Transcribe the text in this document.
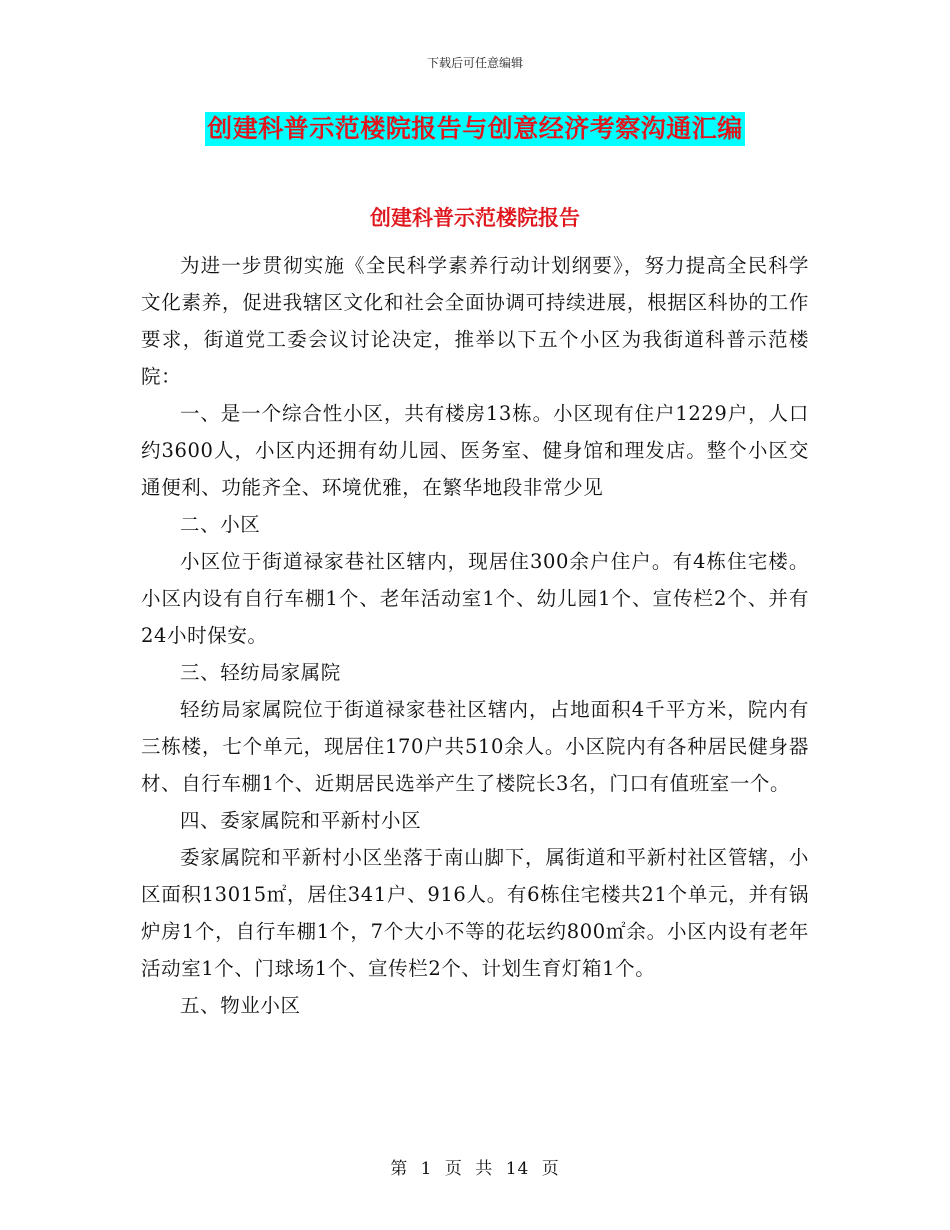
下载后可任意编辑
创建科普示范楼院报告与创意经济考察沟通汇编
创建科普示范楼院报告

为进一步贯彻实施《全民科学素养行动计划纲要》，努力提高全民科学文化素养，促进我辖区文化和社会全面协调可持续进展，根据区科协的工作要求，街道党工委会议讨论决定，推举以下五个小区为我街道科普示范楼院：

一、是一个综合性小区，共有楼房13栋。小区现有住户1229户，人口约3600人，小区内还拥有幼儿园、医务室、健身馆和理发店。整个小区交通便利、功能齐全、环境优雅，在繁华地段非常少见

二、小区

小区位于街道禄家巷社区辖内，现居住300余户住户。有4栋住宅楼。小区内设有自行车棚1个、老年活动室1个、幼儿园1个、宣传栏2个、并有24小时保安。

三、轻纺局家属院

轻纺局家属院位于街道禄家巷社区辖内，占地面积4千平方米，院内有三栋楼，七个单元，现居住170户共510余人。小区院内有各种居民健身器材、自行车棚1个、近期居民选举产生了楼院长3名，门口有值班室一个。

四、委家属院和平新村小区

委家属院和平新村小区坐落于南山脚下，属街道和平新村社区管辖，小区面积13015㎡，居住341户、916人。有6栋住宅楼共21个单元，并有锅炉房1个，自行车棚1个，7个大小不等的花坛约800㎡余。小区内设有老年活动室1个、门球场1个、宣传栏2个、计划生育灯箱1个。

五、物业小区

第 1 页 共 14 页
